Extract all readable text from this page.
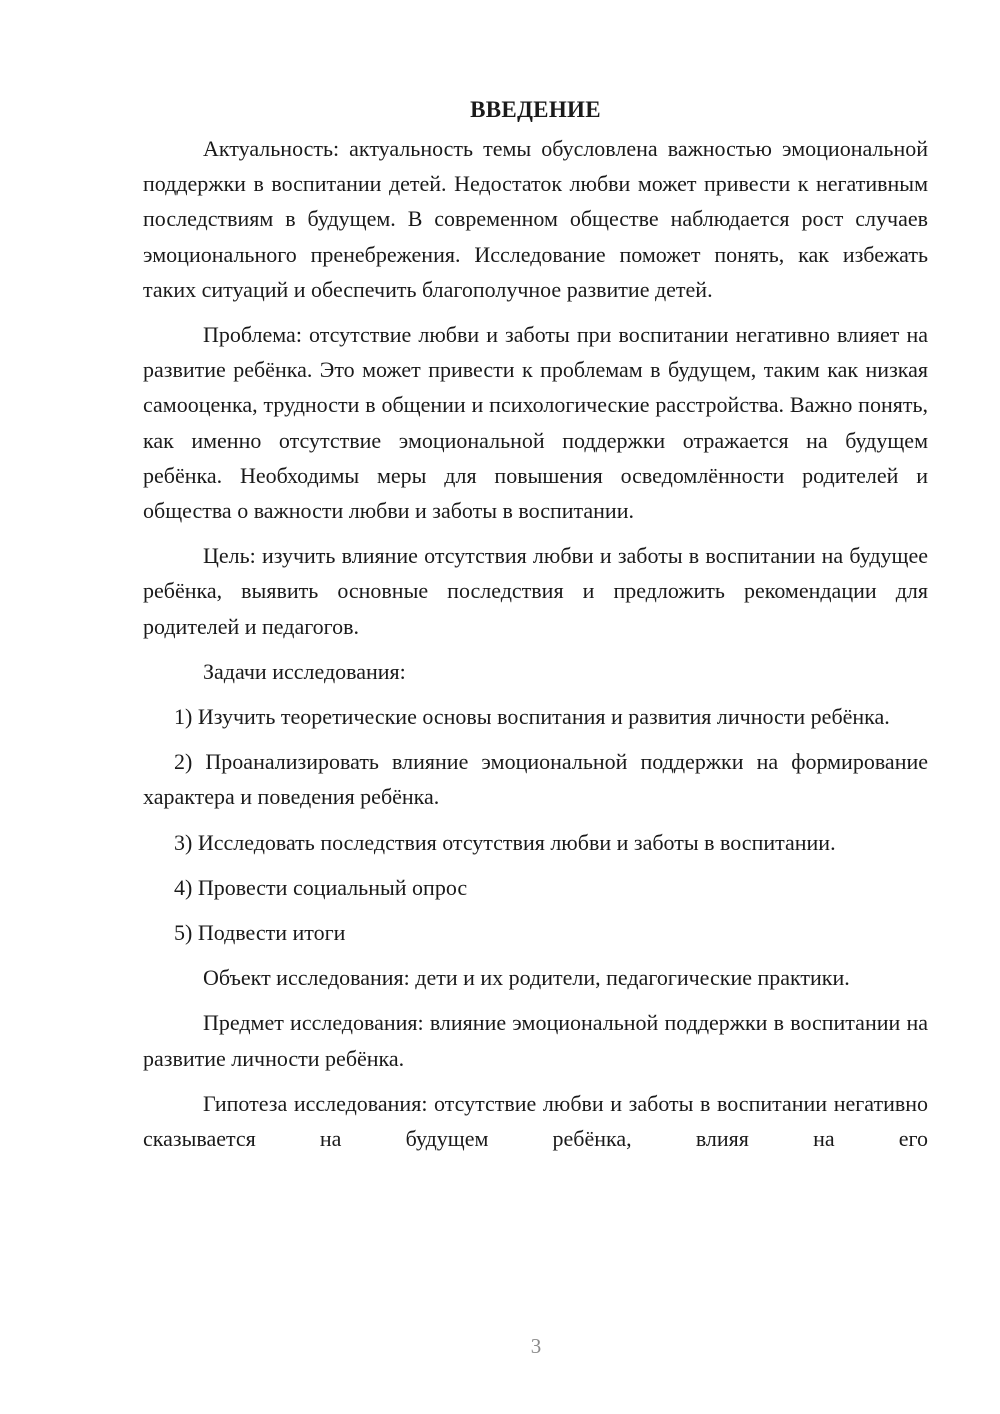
ВВЕДЕНИЕ

Актуальность: актуальность темы обусловлена важностью эмоциональной поддержки в воспитании детей. Недостаток любви может привести к негативным последствиям в будущем. В современном обществе наблюдается рост случаев эмоционального пренебрежения. Исследование поможет понять, как избежать таких ситуаций и обеспечить благополучное развитие детей.

Проблема: отсутствие любви и заботы при воспитании негативно влияет на развитие ребёнка. Это может привести к проблемам в будущем, таким как низкая самооценка, трудности в общении и психологические расстройства. Важно понять, как именно отсутствие эмоциональной поддержки отражается на будущем ребёнка. Необходимы меры для повышения осведомлённости родителей и общества о важности любви и заботы в воспитании.

Цель: изучить влияние отсутствия любви и заботы в воспитании на будущее ребёнка, выявить основные последствия и предложить рекомендации для родителей и педагогов.

Задачи исследования:

1) Изучить теоретические основы воспитания и развития личности ребёнка.

2) Проанализировать влияние эмоциональной поддержки на формирование характера и поведения ребёнка.

3) Исследовать последствия отсутствия любви и заботы в воспитании.

4) Провести социальный опрос

5) Подвести итоги

Объект исследования: дети и их родители, педагогические практики.

Предмет исследования: влияние эмоциональной поддержки в воспитании на развитие личности ребёнка.

Гипотеза исследования: отсутствие любви и заботы в воспитании негативно сказывается на будущем ребёнка, влияя на его

3
